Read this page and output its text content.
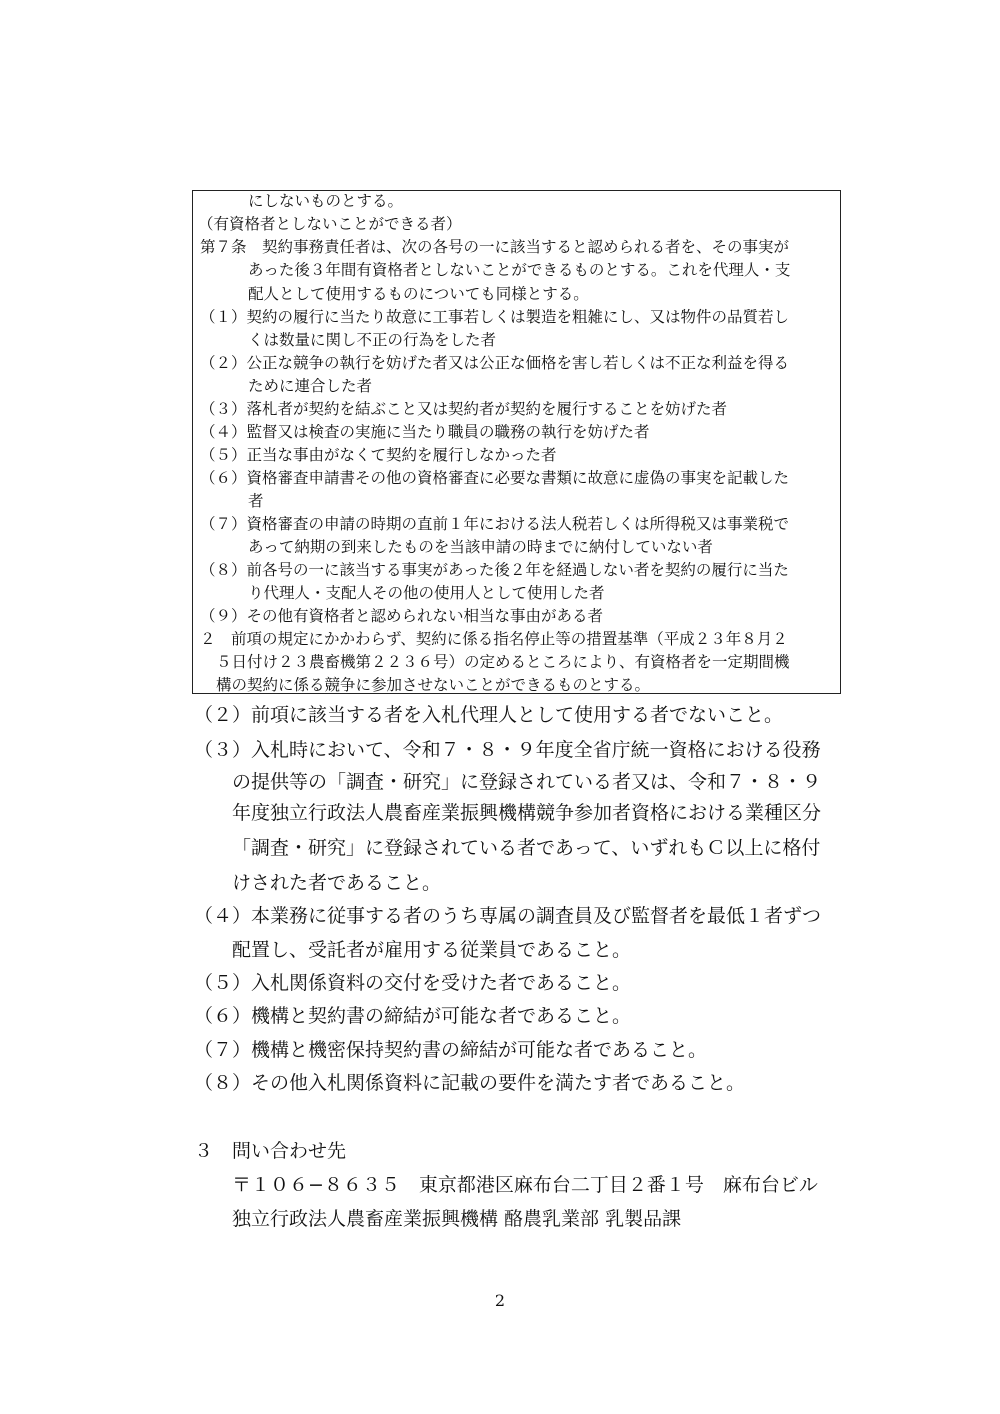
にしないものとする。
（有資格者としないことができる者）
第７条　契約事務責任者は、次の各号の一に該当すると認められる者を、その事実が
あった後３年間有資格者としないことができるものとする。これを代理人・支
配人として使用するものについても同様とする。
（１）契約の履行に当たり故意に工事若しくは製造を粗雑にし、又は物件の品質若し
くは数量に関し不正の行為をした者
（２）公正な競争の執行を妨げた者又は公正な価格を害し若しくは不正な利益を得る
ために連合した者
（３）落札者が契約を結ぶこと又は契約者が契約を履行することを妨げた者
（４）監督又は検査の実施に当たり職員の職務の執行を妨げた者
（５）正当な事由がなくて契約を履行しなかった者
（６）資格審査申請書その他の資格審査に必要な書類に故意に虚偽の事実を記載した
者
（７）資格審査の申請の時期の直前１年における法人税若しくは所得税又は事業税で
あって納期の到来したものを当該申請の時までに納付していない者
（８）前各号の一に該当する事実があった後２年を経過しない者を契約の履行に当た
り代理人・支配人その他の使用人として使用した者
（９）その他有資格者と認められない相当な事由がある者
２　前項の規定にかかわらず、契約に係る指名停止等の措置基準（平成２３年８月２
５日付け２３農畜機第２２３６号）の定めるところにより、有資格者を一定期間機
構の契約に係る競争に参加させないことができるものとする。
（２）前項に該当する者を入札代理人として使用する者でないこと。
（３）入札時において、令和７・８・９年度全省庁統一資格における役務
の提供等の「調査・研究」に登録されている者又は、令和７・８・９
年度独立行政法人農畜産業振興機構競争参加者資格における業種区分
「調査・研究」に登録されている者であって、いずれもＣ以上に格付
けされた者であること。
（４）本業務に従事する者のうち専属の調査員及び監督者を最低１者ずつ
配置し、受託者が雇用する従業員であること。
（５）入札関係資料の交付を受けた者であること。
（６）機構と契約書の締結が可能な者であること。
（７）機構と機密保持契約書の締結が可能な者であること。
（８）その他入札関係資料に記載の要件を満たす者であること。
３　問い合わせ先
〒１０６−８６３５　東京都港区麻布台二丁目２番１号　麻布台ビル
独立行政法人農畜産業振興機構 酪農乳業部 乳製品課
2
